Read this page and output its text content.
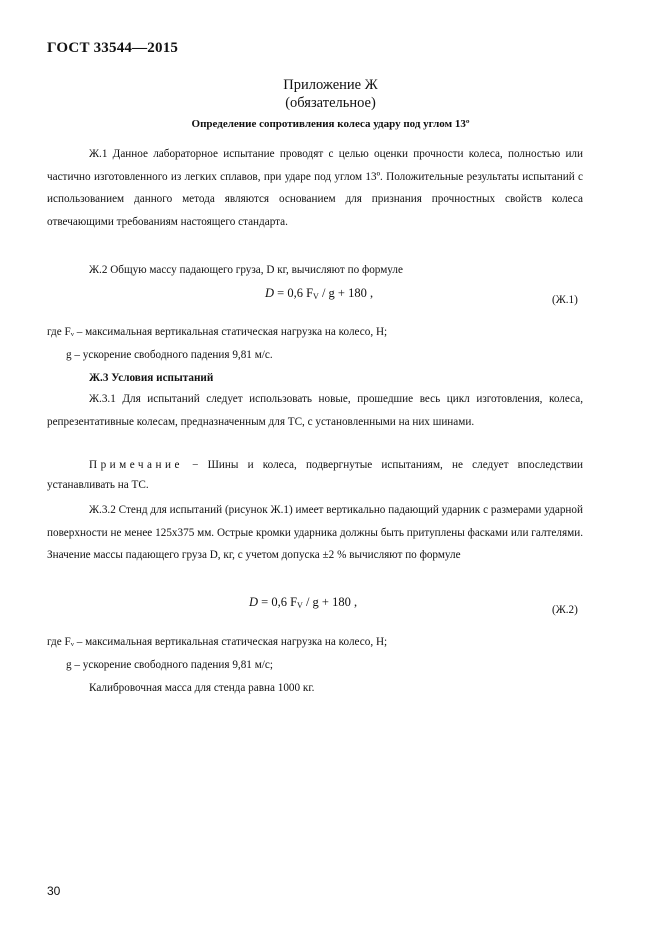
ГОСТ 33544—2015
Приложение Ж
(обязательное)
Определение сопротивления колеса удару под углом 13º
Ж.1 Данное лабораторное испытание проводят с целью оценки прочности колеса, полностью или частично изготовленного из легких сплавов, при ударе под углом 13º. Положительные результаты испытаний с использованием данного метода являются основанием для признания прочностных свойств колеса отвечающими требованиям настоящего стандарта.
Ж.2 Общую массу падающего груза, D кг, вычисляют по формуле
D = 0,6 $F_V / g + 180$ ,	(Ж.1)
где Fᵥ – максимальная вертикальная статическая нагрузка на колесо, Н;
g – ускорение свободного падения 9,81 м/с.
Ж.3 Условия испытаний
Ж.3.1 Для испытаний следует использовать новые, прошедшие весь цикл изготовления, колеса, репрезентативные колесам, предназначенным для ТС, с установленными на них шинами.
Примечание − Шины и колеса, подвергнутые испытаниям, не следует впоследствии устанавливать на ТС.
Ж.3.2 Стенд для испытаний (рисунок Ж.1) имеет вертикально падающий ударник с размерами ударной поверхности не менее 125х375 мм. Острые кромки ударника должны быть притуплены фасками или галтелями. Значение массы падающего груза D, кг, с учетом допуска ±2 % вычисляют по формуле
D = 0,6 $F_V / g + 180$ ,
(Ж.2)
где Fᵥ – максимальная вертикальная статическая нагрузка на колесо, Н;
g – ускорение свободного падения 9,81 м/с;
Калибровочная масса для стенда равна 1000 кг.
30
